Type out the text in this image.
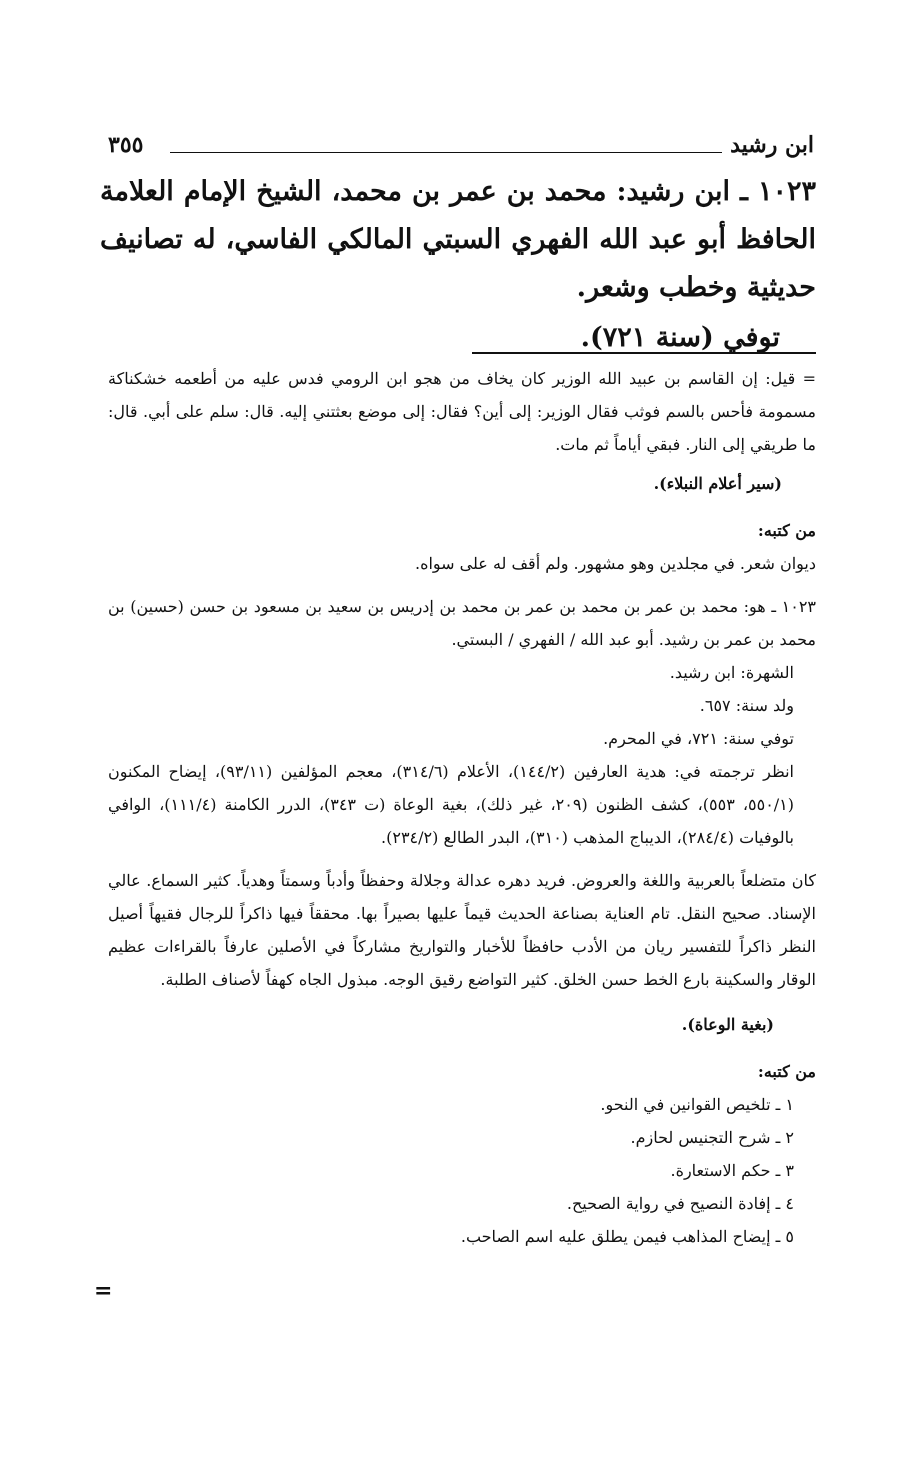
ابن رشيد
٣٥٥

١٠٢٣ ـ ابن رشيد: محمد بن عمر بن محمد، الشيخ الإمام العلامة الحافظ أبو عبد الله الفهري السبتي المالكي الفاسي، له تصانيف حديثية وخطب وشعر.

توفي (سنة ٧٢١).

= قيل: إن القاسم بن عبيد الله الوزير كان يخاف من هجو ابن الرومي فدس عليه من أطعمه خشكناكة مسمومة فأحس بالسم فوثب فقال الوزير: إلى أين؟ فقال: إلى موضع بعثتني إليه. قال: سلم على أبي. قال: ما طريقي إلى النار. فبقي أياماً ثم مات.

(سير أعلام النبلاء).

من كتبه:

ديوان شعر. في مجلدين وهو مشهور. ولم أقف له على سواه.

١٠٢٣ ـ هو: محمد بن عمر بن محمد بن عمر بن محمد بن إدريس بن سعيد بن مسعود بن حسن (حسين) بن محمد بن عمر بن رشيد. أبو عبد الله / الفهري / البستي.

الشهرة: ابن رشيد.

ولد سنة: ٦٥٧.

توفي سنة: ٧٢١، في المحرم.

انظر ترجمته في: هدية العارفين (١٤٤/٢)، الأعلام (٣١٤/٦)، معجم المؤلفين (٩٣/١١)، إيضاح المكنون (٥٥٠/١، ٥٥٣)، كشف الظنون (٢٠٩، غير ذلك)، بغية الوعاة (ت ٣٤٣)، الدرر الكامنة (١١١/٤)، الوافي بالوفيات (٢٨٤/٤)، الديباج المذهب (٣١٠)، البدر الطالع (٢٣٤/٢).

كان متضلعاً بالعربية واللغة والعروض. فريد دهره عدالة وجلالة وحفظاً وأدباً وسمتاً وهدياً. كثير السماع. عالي الإسناد. صحيح النقل. تام العناية بصناعة الحديث قيماً عليها بصيراً بها. محققاً فيها ذاكراً للرجال فقيهاً أصيل النظر ذاكراً للتفسير ريان من الأدب حافظاً للأخبار والتواريخ مشاركاً في الأصلين عارفاً بالقراءات عظيم الوقار والسكينة بارع الخط حسن الخلق. كثير التواضع رقيق الوجه. مبذول الجاه كهفاً لأصناف الطلبة.

(بغية الوعاة).

من كتبه:

١ ـ تلخيص القوانين في النحو.

٢ ـ شرح التجنيس لحازم.

٣ ـ حكم الاستعارة.

٤ ـ إفادة النصيح في رواية الصحيح.

٥ ـ إيضاح المذاهب فيمن يطلق عليه اسم الصاحب.

=
